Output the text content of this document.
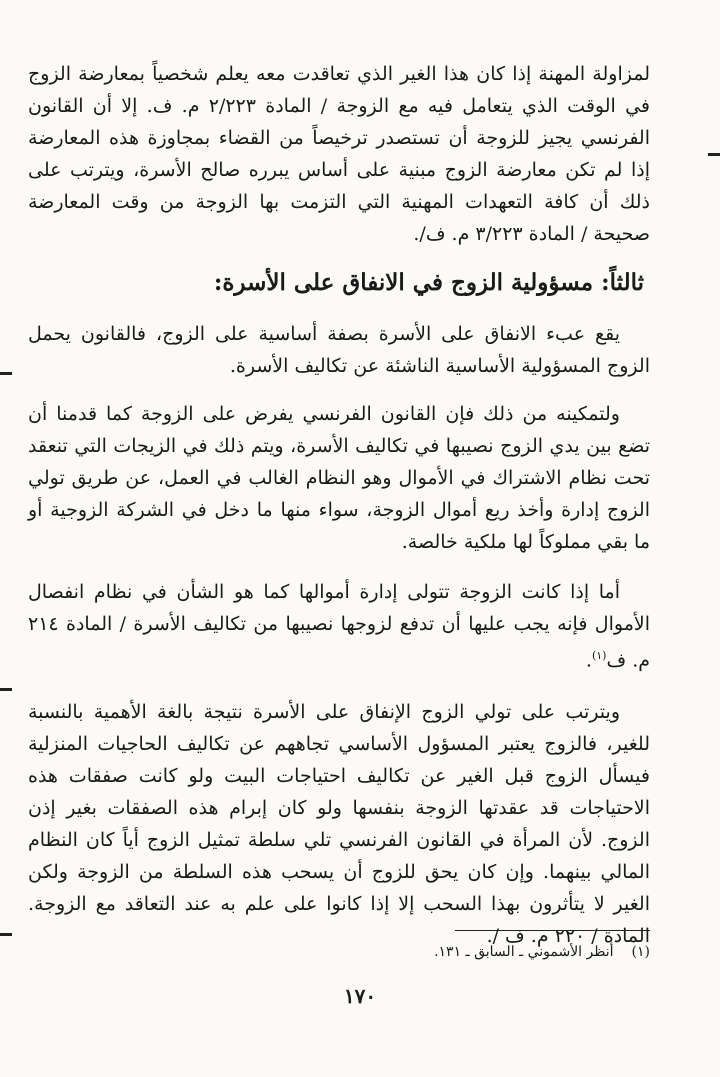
لمزاولة المهنة إذا كان هذا الغير الذي تعاقدت معه يعلم شخصياً بمعارضة الزوج في الوقت الذي يتعامل فيه مع الزوجة / المادة ٢/٢٢٣ م. ف. إلا أن القانون الفرنسي يجيز للزوجة أن تستصدر ترخيصاً من القضاء بمجاوزة هذه المعارضة إذا لم تكن معارضة الزوج مبنية على أساس يبرره صالح الأسرة، ويترتب على ذلك أن كافة التعهدات المهنية التي التزمت بها الزوجة من وقت المعارضة صحيحة / المادة ٣/٢٢٣ م. ف/.

ثالثاً: مسؤولية الزوج في الانفاق على الأسرة:

يقع عبء الانفاق على الأسرة بصفة أساسية على الزوج، فالقانون يحمل الزوج المسؤولية الأساسية الناشئة عن تكاليف الأسرة.

ولتمكينه من ذلك فإن القانون الفرنسي يفرض على الزوجة كما قدمنا أن تضع بين يدي الزوج نصيبها في تكاليف الأسرة، ويتم ذلك في الزيجات التي تنعقد تحت نظام الاشتراك في الأموال وهو النظام الغالب في العمل، عن طريق تولي الزوج إدارة وأخذ ريع أموال الزوجة، سواء منها ما دخل في الشركة الزوجية أو ما بقي مملوكاً لها ملكية خالصة.

أما إذا كانت الزوجة تتولى إدارة أموالها كما هو الشأن في نظام انفصال الأموال فإنه يجب عليها أن تدفع لزوجها نصيبها من تكاليف الأسرة / المادة ٢١٤ م. ف$^{(١)}$.

ويترتب على تولي الزوج الإنفاق على الأسرة نتيجة بالغة الأهمية بالنسبة للغير، فالزوج يعتبر المسؤول الأساسي تجاههم عن تكاليف الحاجيات المنزلية فيسأل الزوج قبل الغير عن تكاليف احتياجات البيت ولو كانت صفقات هذه الاحتياجات قد عقدتها الزوجة بنفسها ولو كان إبرام هذه الصفقات بغير إذن الزوج. لأن المرأة في القانون الفرنسي تلي سلطة تمثيل الزوج أياً كان النظام المالي بينهما. وإن كان يحق للزوج أن يسحب هذه السلطة من الزوجة ولكن الغير لا يتأثرون بهذا السحب إلا إذا كانوا على علم به عند التعاقد مع الزوجة. المادة / ٢٢٠ م. ف /.

(١)أنظر الأشموني ـ السابق ـ ١٣١.
١٧٠
